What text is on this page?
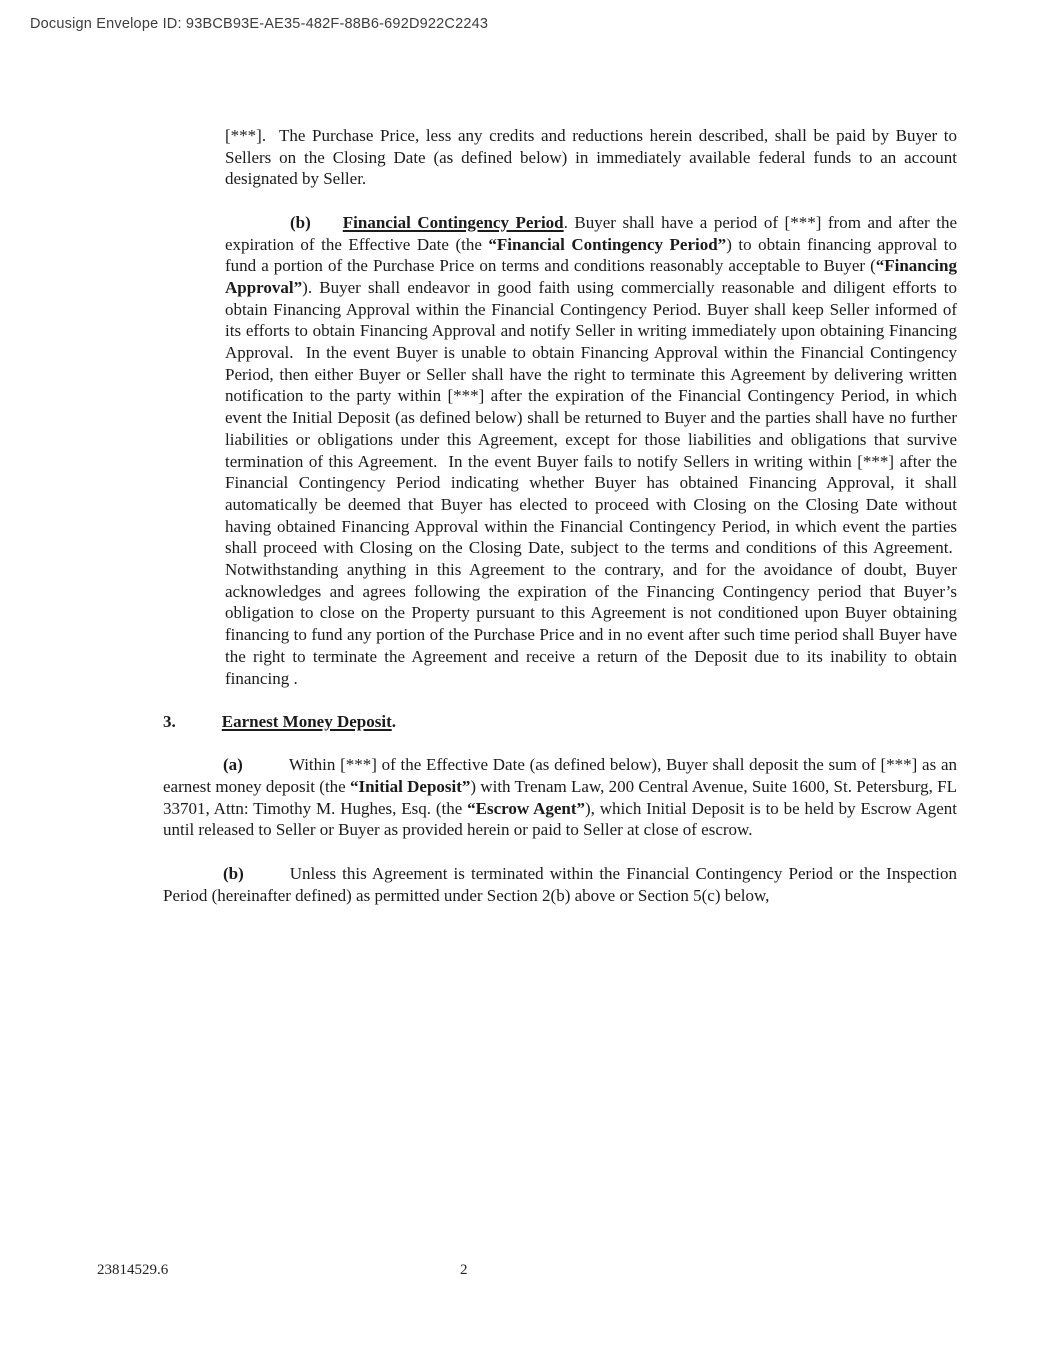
Docusign Envelope ID: 93BCB93E-AE35-482F-88B6-692D922C2243

[***].  The Purchase Price, less any credits and reductions herein described, shall be paid by Buyer to Sellers on the Closing Date (as defined below) in immediately available federal funds to an account designated by Seller.

(b) Financial Contingency Period. Buyer shall have a period of [***] from and after the expiration of the Effective Date (the “Financial Contingency Period”) to obtain financing approval to fund a portion of the Purchase Price on terms and conditions reasonably acceptable to Buyer (“Financing Approval”). Buyer shall endeavor in good faith using commercially reasonable and diligent efforts to obtain Financing Approval within the Financial Contingency Period. Buyer shall keep Seller informed of its efforts to obtain Financing Approval and notify Seller in writing immediately upon obtaining Financing Approval.  In the event Buyer is unable to obtain Financing Approval within the Financial Contingency Period, then either Buyer or Seller shall have the right to terminate this Agreement by delivering written notification to the party within [***] after the expiration of the Financial Contingency Period, in which event the Initial Deposit (as defined below) shall be returned to Buyer and the parties shall have no further liabilities or obligations under this Agreement, except for those liabilities and obligations that survive termination of this Agreement.  In the event Buyer fails to notify Sellers in writing within [***] after the Financial Contingency Period indicating whether Buyer has obtained Financing Approval, it shall automatically be deemed that Buyer has elected to proceed with Closing on the Closing Date without having obtained Financing Approval within the Financial Contingency Period, in which event the parties shall proceed with Closing on the Closing Date, subject to the terms and conditions of this Agreement.  Notwithstanding anything in this Agreement to the contrary, and for the avoidance of doubt, Buyer acknowledges and agrees following the expiration of the Financing Contingency period that Buyer’s obligation to close on the Property pursuant to this Agreement is not conditioned upon Buyer obtaining financing to fund any portion of the Purchase Price and in no event after such time period shall Buyer have the right to terminate the Agreement and receive a return of the Deposit due to its inability to obtain financing .

3.	Earnest Money Deposit.

(a)	Within [***] of the Effective Date (as defined below), Buyer shall deposit the sum of [***] as an earnest money deposit (the “Initial Deposit”) with Trenam Law, 200 Central Avenue, Suite 1600, St. Petersburg, FL 33701, Attn: Timothy M. Hughes, Esq. (the “Escrow Agent”), which Initial Deposit is to be held by Escrow Agent until released to Seller or Buyer as provided herein or paid to Seller at close of escrow.

(b)	Unless this Agreement is terminated within the Financial Contingency Period or the Inspection Period (hereinafter defined) as permitted under Section 2(b) above or Section 5(c) below,

23814529.6	2
